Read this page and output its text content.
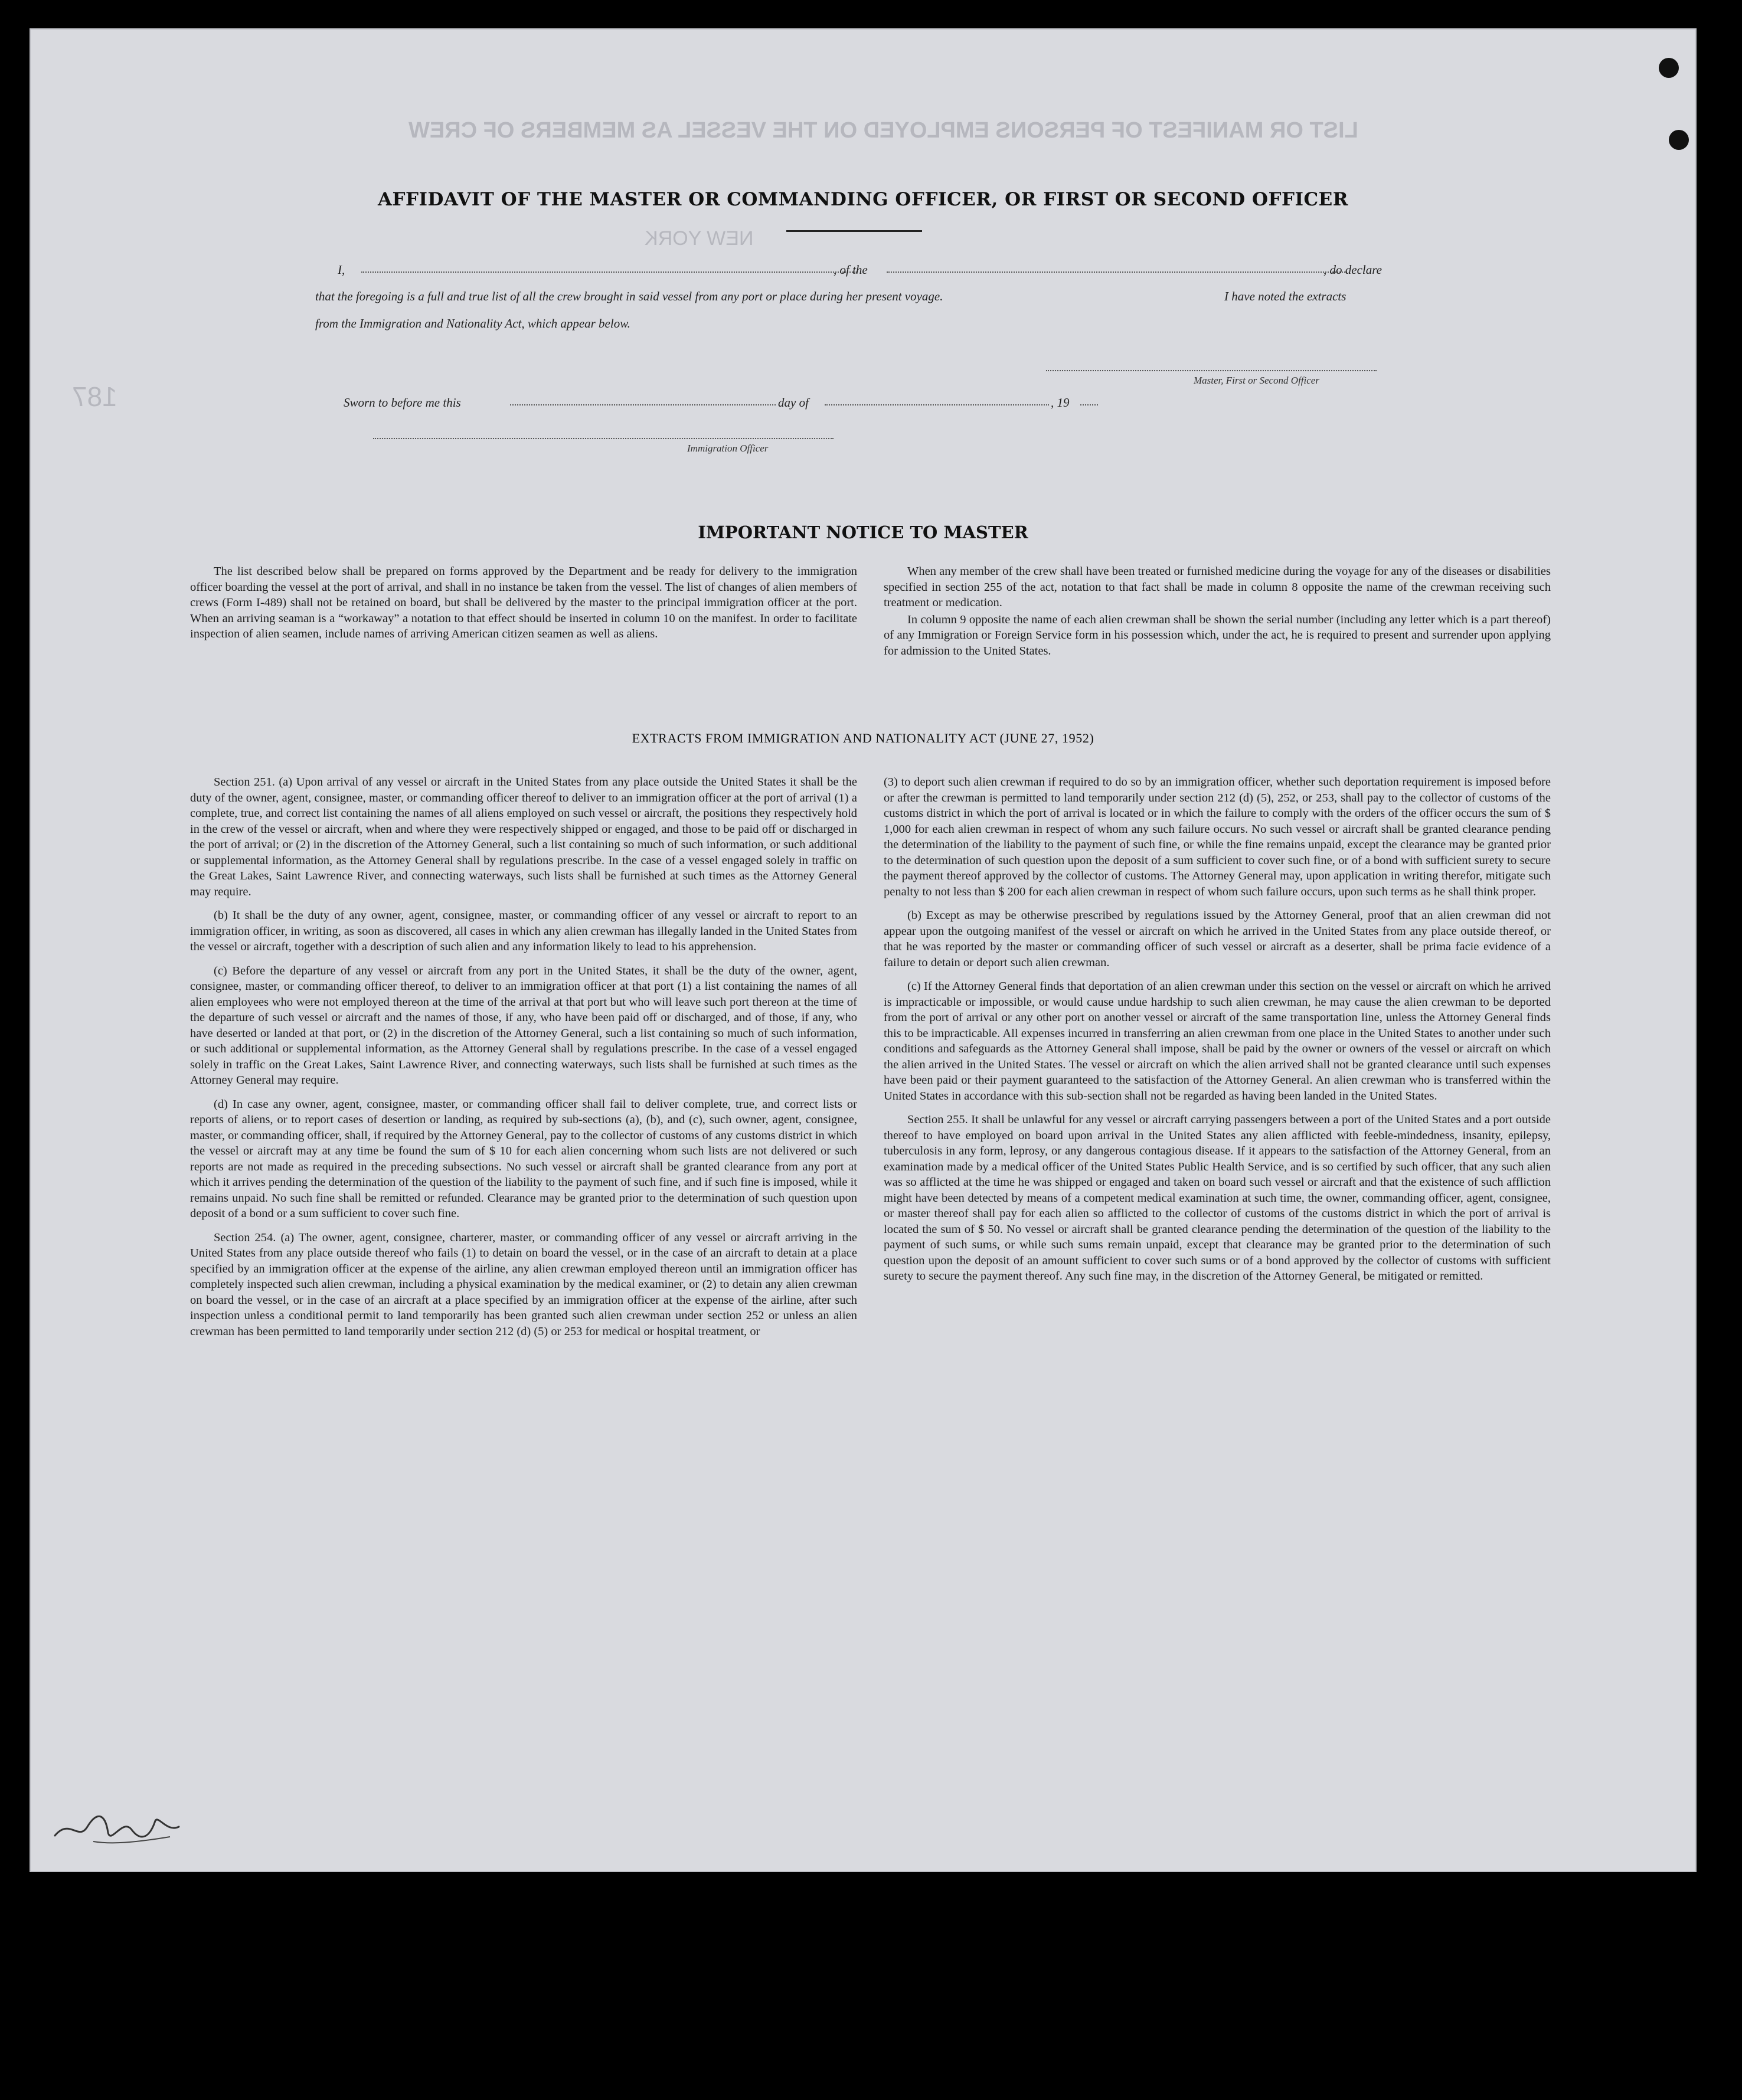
LIST OR MANIFEST OF PERSONS EMPLOYED ON THE VESSEL AS MEMBERS OF CREW
NEW YORK
187
AFFIDAVIT OF THE MASTER OR COMMANDING OFFICER, OR FIRST OR SECOND OFFICER
I,	, of the	, do declare
that the foregoing is a full and true list of all the crew brought in said vessel from any port or place during her present voyage.	I have noted the extracts
from the Immigration and Nationality Act, which appear below.
Master, First or Second Officer
Sworn to before me this	day of	, 19
Immigration Officer
IMPORTANT NOTICE TO MASTER

The list described below shall be prepared on forms approved by the Department and be ready for delivery to the immigration officer boarding the vessel at the port of arrival, and shall in no instance be taken from the vessel. The list of changes of alien members of crews (Form I-489) shall not be retained on board, but shall be delivered by the master to the principal immigration officer at the port. When an arriving seaman is a “workaway” a notation to that effect should be inserted in column 10 on the manifest. In order to facilitate inspection of alien seamen, include names of arriving American citizen seamen as well as aliens.

When any member of the crew shall have been treated or furnished medicine during the voyage for any of the diseases or disabilities specified in section 255 of the act, notation to that fact shall be made in column 8 opposite the name of the crewman receiving such treatment or medication.

In column 9 opposite the name of each alien crewman shall be shown the serial number (including any letter which is a part thereof) of any Immigration or Foreign Service form in his possession which, under the act, he is required to present and surrender upon applying for admission to the United States.

EXTRACTS FROM IMMIGRATION AND NATIONALITY ACT (JUNE 27, 1952)

Section 251. (a) Upon arrival of any vessel or aircraft in the United States from any place outside the United States it shall be the duty of the owner, agent, consignee, master, or commanding officer thereof to deliver to an immigration officer at the port of arrival (1) a complete, true, and correct list containing the names of all aliens employed on such vessel or aircraft, the positions they respectively hold in the crew of the vessel or aircraft, when and where they were respectively shipped or engaged, and those to be paid off or discharged in the port of arrival; or (2) in the discretion of the Attorney General, such a list containing so much of such information, or such additional or supplemental information, as the Attorney General shall by regulations prescribe. In the case of a vessel engaged solely in traffic on the Great Lakes, Saint Lawrence River, and connecting waterways, such lists shall be furnished at such times as the Attorney General may require.

(b) It shall be the duty of any owner, agent, consignee, master, or commanding officer of any vessel or aircraft to report to an immigration officer, in writing, as soon as discovered, all cases in which any alien crewman has illegally landed in the United States from the vessel or aircraft, together with a description of such alien and any information likely to lead to his apprehension.

(c) Before the departure of any vessel or aircraft from any port in the United States, it shall be the duty of the owner, agent, consignee, master, or commanding officer thereof, to deliver to an immigration officer at that port (1) a list containing the names of all alien employees who were not employed thereon at the time of the arrival at that port but who will leave such port thereon at the time of the departure of such vessel or aircraft and the names of those, if any, who have been paid off or discharged, and of those, if any, who have deserted or landed at that port, or (2) in the discretion of the Attorney General, such a list containing so much of such information, or such additional or supplemental information, as the Attorney General shall by regulations prescribe. In the case of a vessel engaged solely in traffic on the Great Lakes, Saint Lawrence River, and connecting waterways, such lists shall be furnished at such times as the Attorney General may require.

(d) In case any owner, agent, consignee, master, or commanding officer shall fail to deliver complete, true, and correct lists or reports of aliens, or to report cases of desertion or landing, as required by sub-sections (a), (b), and (c), such owner, agent, consignee, master, or commanding officer, shall, if required by the Attorney General, pay to the collector of customs of any customs district in which the vessel or aircraft may at any time be found the sum of $ 10 for each alien concerning whom such lists are not delivered or such reports are not made as required in the preceding subsections. No such vessel or aircraft shall be granted clearance from any port at which it arrives pending the determination of the question of the liability to the payment of such fine, and if such fine is imposed, while it remains unpaid. No such fine shall be remitted or refunded. Clearance may be granted prior to the determination of such question upon deposit of a bond or a sum sufficient to cover such fine.

Section 254. (a) The owner, agent, consignee, charterer, master, or commanding officer of any vessel or aircraft arriving in the United States from any place outside thereof who fails (1) to detain on board the vessel, or in the case of an aircraft to detain at a place specified by an immigration officer at the expense of the airline, any alien crewman employed thereon until an immigration officer has completely inspected such alien crewman, including a physical examination by the medical examiner, or (2) to detain any alien crewman on board the vessel, or in the case of an aircraft at a place specified by an immigration officer at the expense of the airline, after such inspection unless a conditional permit to land temporarily has been granted such alien crewman under section 252 or unless an alien crewman has been permitted to land temporarily under section 212 (d) (5) or 253 for medical or hospital treatment, or

(3) to deport such alien crewman if required to do so by an immigration officer, whether such deportation requirement is imposed before or after the crewman is permitted to land temporarily under section 212 (d) (5), 252, or 253, shall pay to the collector of customs of the customs district in which the port of arrival is located or in which the failure to comply with the orders of the officer occurs the sum of $ 1,000 for each alien crewman in respect of whom any such failure occurs. No such vessel or aircraft shall be granted clearance pending the determination of the liability to the payment of such fine, or while the fine remains unpaid, except the clearance may be granted prior to the determination of such question upon the deposit of a sum sufficient to cover such fine, or of a bond with sufficient surety to secure the payment thereof approved by the collector of customs. The Attorney General may, upon application in writing therefor, mitigate such penalty to not less than $ 200 for each alien crewman in respect of whom such failure occurs, upon such terms as he shall think proper.

(b) Except as may be otherwise prescribed by regulations issued by the Attorney General, proof that an alien crewman did not appear upon the outgoing manifest of the vessel or aircraft on which he arrived in the United States from any place outside thereof, or that he was reported by the master or commanding officer of such vessel or aircraft as a deserter, shall be prima facie evidence of a failure to detain or deport such alien crewman.

(c) If the Attorney General finds that deportation of an alien crewman under this section on the vessel or aircraft on which he arrived is impracticable or impossible, or would cause undue hardship to such alien crewman, he may cause the alien crewman to be deported from the port of arrival or any other port on another vessel or aircraft of the same transportation line, unless the Attorney General finds this to be impracticable. All expenses incurred in transferring an alien crewman from one place in the United States to another under such conditions and safeguards as the Attorney General shall impose, shall be paid by the owner or owners of the vessel or aircraft on which the alien arrived in the United States. The vessel or aircraft on which the alien arrived shall not be granted clearance until such expenses have been paid or their payment guaranteed to the satisfaction of the Attorney General. An alien crewman who is transferred within the United States in accordance with this sub-section shall not be regarded as having been landed in the United States.

Section 255. It shall be unlawful for any vessel or aircraft carrying passengers between a port of the United States and a port outside thereof to have employed on board upon arrival in the United States any alien afflicted with feeble-mindedness, insanity, epilepsy, tuberculosis in any form, leprosy, or any dangerous contagious disease. If it appears to the satisfaction of the Attorney General, from an examination made by a medical officer of the United States Public Health Service, and is so certified by such officer, that any such alien was so afflicted at the time he was shipped or engaged and taken on board such vessel or aircraft and that the existence of such affliction might have been detected by means of a competent medical examination at such time, the owner, commanding officer, agent, consignee, or master thereof shall pay for each alien so afflicted to the collector of customs of the customs district in which the port of arrival is located the sum of $ 50. No vessel or aircraft shall be granted clearance pending the determination of the question of the liability to the payment of such sums, or while such sums remain unpaid, except that clearance may be granted prior to the determination of such question upon the deposit of an amount sufficient to cover such sums or of a bond approved by the collector of customs with sufficient surety to secure the payment thereof. Any such fine may, in the discretion of the Attorney General, be mitigated or remitted.
